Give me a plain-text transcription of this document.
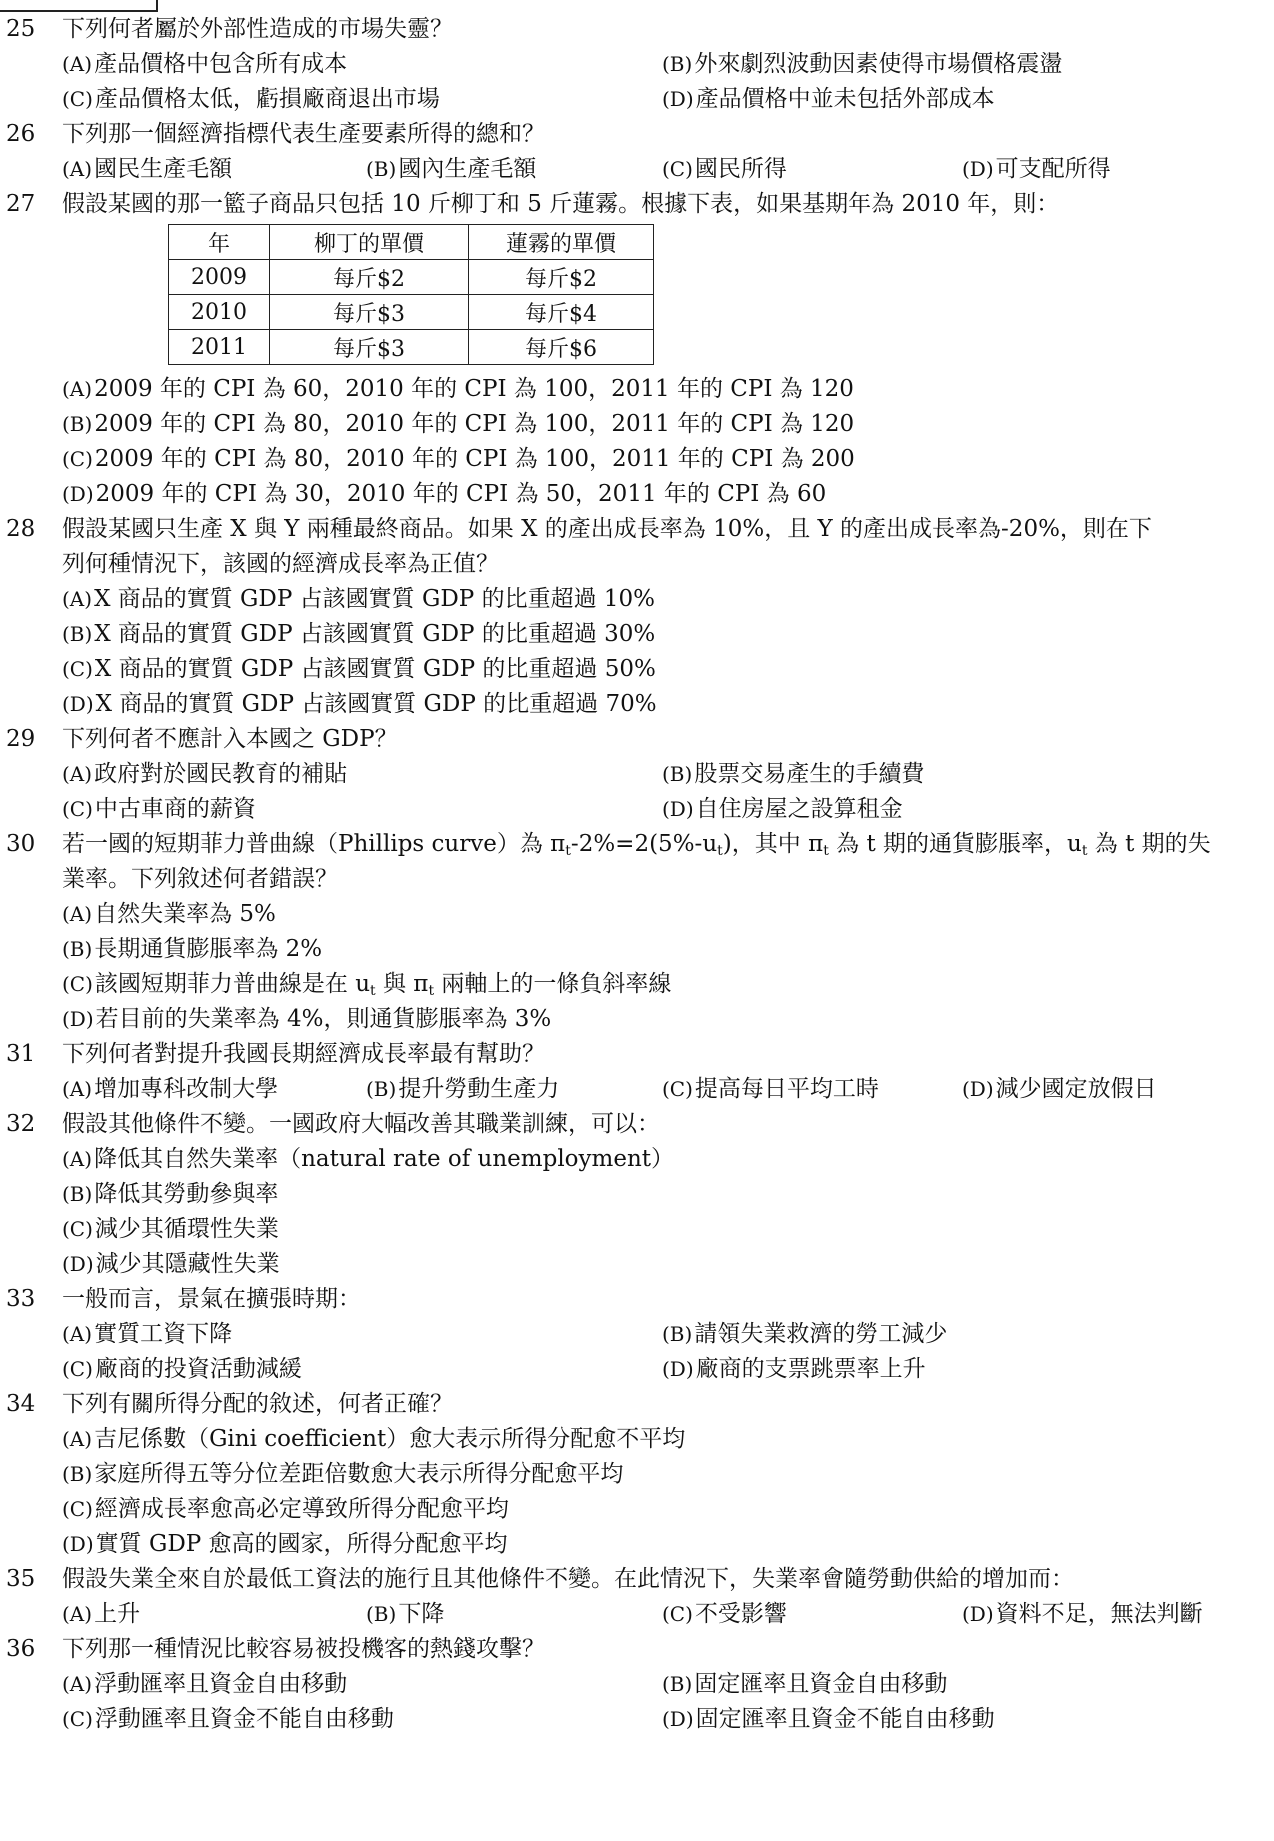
25 下列何者屬於外部性造成的市場失靈？
(A)產品價格中包含所有成本	(B)外來劇烈波動因素使得市場價格震盪
(C)產品價格太低，虧損廠商退出市場	(D)產品價格中並未包括外部成本
26 下列那一個經濟指標代表生產要素所得的總和？
(A)國民生產毛額	(B)國內生產毛額	(C)國民所得	(D)可支配所得
27 假設某國的那一籃子商品只包括 10 斤柳丁和 5 斤蓮霧。根據下表，如果基期年為 2010 年，則：
年	柳丁的單價	蓮霧的單價
2009	每斤$2	每斤$2
2010	每斤$3	每斤$4
2011	每斤$3	每斤$6
(A)2009 年的 CPI 為 60，2010 年的 CPI 為 100，2011 年的 CPI 為 120
(B)2009 年的 CPI 為 80，2010 年的 CPI 為 100，2011 年的 CPI 為 120
(C)2009 年的 CPI 為 80，2010 年的 CPI 為 100，2011 年的 CPI 為 200
(D)2009 年的 CPI 為 30，2010 年的 CPI 為 50，2011 年的 CPI 為 60
28 假設某國只生產 X 與 Y 兩種最終商品。如果 X 的產出成長率為 10%，且 Y 的產出成長率為-20%，則在下
列何種情況下，該國的經濟成長率為正值？
(A)X 商品的實質 GDP 占該國實質 GDP 的比重超過 10%
(B)X 商品的實質 GDP 占該國實質 GDP 的比重超過 30%
(C)X 商品的實質 GDP 占該國實質 GDP 的比重超過 50%
(D)X 商品的實質 GDP 占該國實質 GDP 的比重超過 70%
29 下列何者不應計入本國之 GDP？
(A)政府對於國民教育的補貼	(B)股票交易產生的手續費
(C)中古車商的薪資	(D)自住房屋之設算租金
30 若一國的短期菲力普曲線（Phillips curve）為 $\pi_t-2\%=2(5\%-u_t)$，其中 $\pi_t$ 為 t 期的通貨膨脹率，$u_t$ 為 t 期的失
業率。下列敘述何者錯誤？
(A)自然失業率為 5%
(B)長期通貨膨脹率為 2%
(C)該國短期菲力普曲線是在 $u_t$ 與 $\pi_t$ 兩軸上的一條負斜率線
(D)若目前的失業率為 4%，則通貨膨脹率為 3%
31 下列何者對提升我國長期經濟成長率最有幫助？
(A)增加專科改制大學	(B)提升勞動生產力	(C)提高每日平均工時	(D)減少國定放假日
32 假設其他條件不變。一國政府大幅改善其職業訓練，可以：
(A)降低其自然失業率（natural rate of unemployment）
(B)降低其勞動參與率
(C)減少其循環性失業
(D)減少其隱藏性失業
33 一般而言，景氣在擴張時期：
(A)實質工資下降	(B)請領失業救濟的勞工減少
(C)廠商的投資活動減緩	(D)廠商的支票跳票率上升
34 下列有關所得分配的敘述，何者正確？
(A)吉尼係數（Gini coefficient）愈大表示所得分配愈不平均
(B)家庭所得五等分位差距倍數愈大表示所得分配愈平均
(C)經濟成長率愈高必定導致所得分配愈平均
(D)實質 GDP 愈高的國家，所得分配愈平均
35 假設失業全來自於最低工資法的施行且其他條件不變。在此情況下，失業率會隨勞動供給的增加而：
(A)上升	(B)下降	(C)不受影響	(D)資料不足，無法判斷
36 下列那一種情況比較容易被投機客的熱錢攻擊？
(A)浮動匯率且資金自由移動	(B)固定匯率且資金自由移動
(C)浮動匯率且資金不能自由移動	(D)固定匯率且資金不能自由移動
